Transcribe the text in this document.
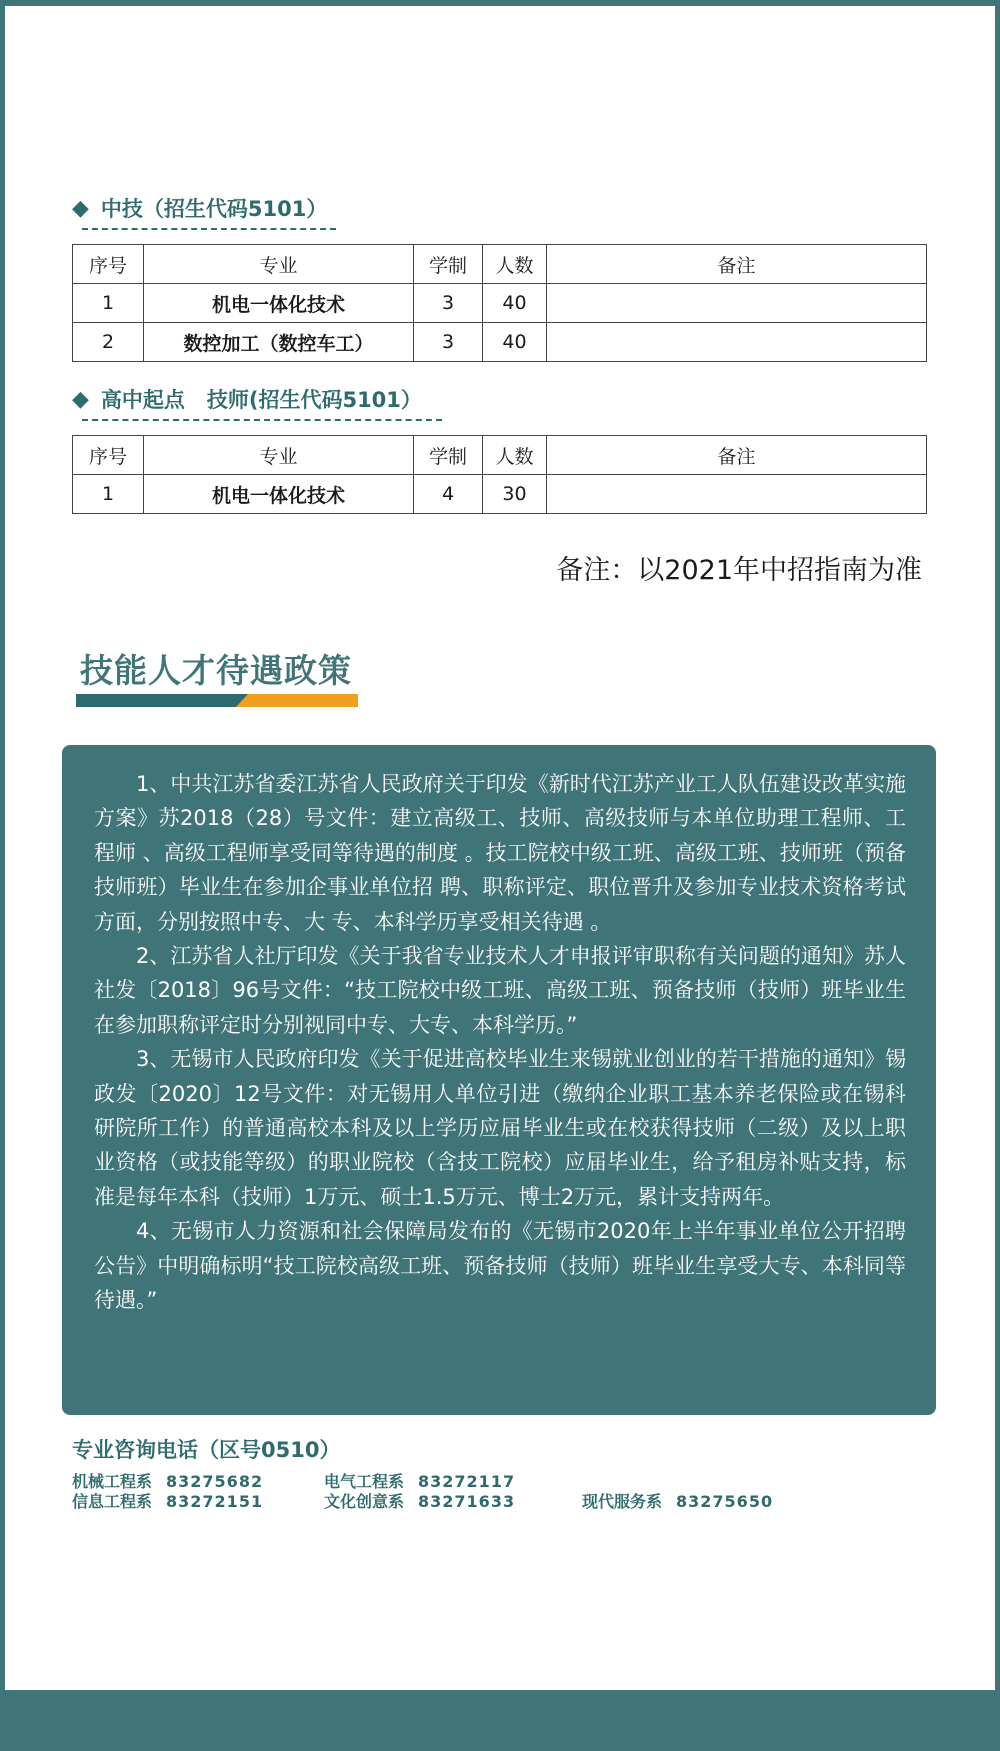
◆ 中技（招生代码5101）
序号	专业	学制	人数	备注
1	机电一体化技术	3	40	
2	数控加工（数控车工）	3	40	
◆ 高中起点   技师(招生代码5101）
序号	专业	学制	人数	备注
1	机电一体化技术	4	30	
备注：以2021年中招指南为准
技能人才待遇政策

1、中共江苏省委江苏省人民政府关于印发《新时代江苏产业工人队伍建设改革实施方案》苏2018（28）号文件：建立高级工、技师、高级技师与本单位助理工程师、工程师 、高级工程师享受同等待遇的制度 。技工院校中级工班、高级工班、技师班（预备技师班）毕业生在参加企事业单位招 聘、职称评定、职位晋升及参加专业技术资格考试方面，分别按照中专、大 专、本科学历享受相关待遇 。

2、江苏省人社厅印发《关于我省专业技术人才申报评审职称有关问题的通知》苏人社发〔2018〕96号文件：“技工院校中级工班、高级工班、预备技师（技师）班毕业生在参加职称评定时分别视同中专、大专、本科学历。”

3、无锡市人民政府印发《关于促进高校毕业生来锡就业创业的若干措施的通知》锡政发〔2020〕12号文件：对无锡用人单位引进（缴纳企业职工基本养老保险或在锡科研院所工作）的普通高校本科及以上学历应届毕业生或在校获得技师（二级）及以上职业资格（或技能等级）的职业院校（含技工院校）应届毕业生，给予租房补贴支持，标准是每年本科（技师）1万元、硕士1.5万元、博士2万元，累计支持两年。

4、无锡市人力资源和社会保障局发布的《无锡市2020年上半年事业单位公开招聘公告》中明确标明“技工院校高级工班、预备技师（技师）班毕业生享受大专、本科同等待遇。”

专业咨询电话（区号0510）
机械工程系 83275682	电气工程系 83272117
信息工程系 83272151	文化创意系 83271633	现代服务系 83275650
